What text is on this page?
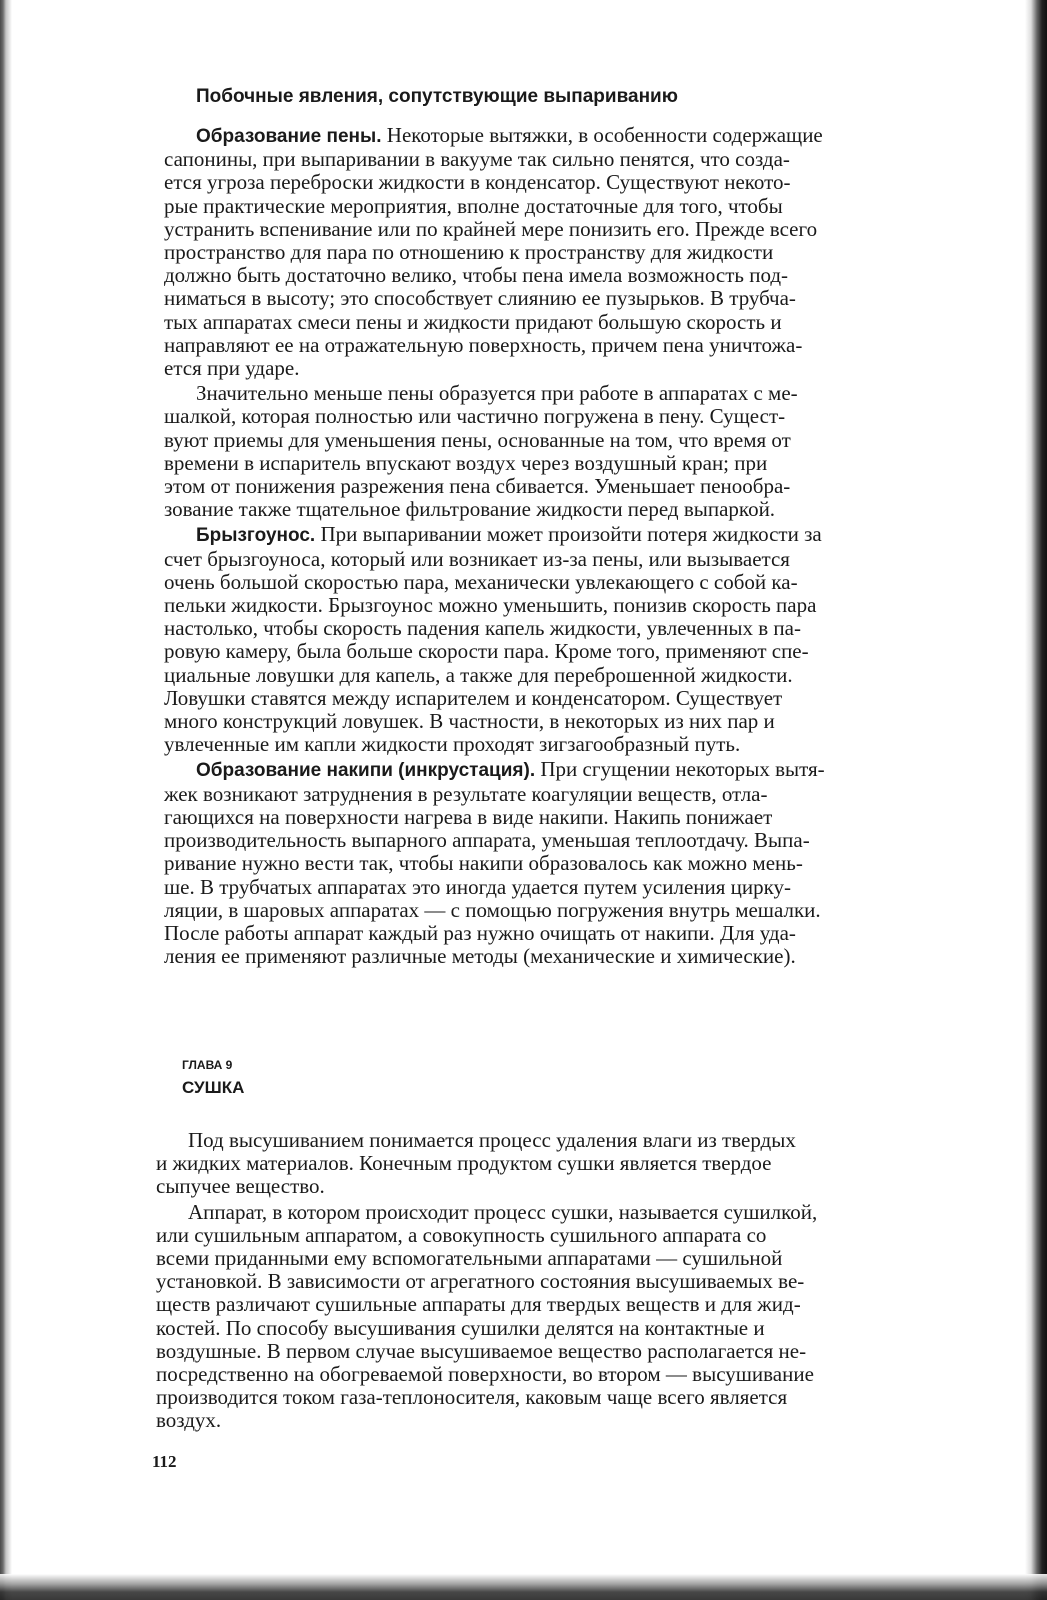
Побочные явления, сопутствующие выпариванию

Образование пены. Некоторые вытяжки, в особенности содержащие
сапонины, при выпаривании в вакууме так сильно пенятся, что созда-
ется угроза переброски жидкости в конденсатор. Существуют некото-
рые практические мероприятия, вполне достаточные для того, чтобы
устранить вспенивание или по крайней мере понизить его. Прежде всего
пространство для пара по отношению к пространству для жидкости
должно быть достаточно велико, чтобы пена имела возможность под-
ниматься в высоту; это способствует слиянию ее пузырьков. В трубча-
тых аппаратах смеси пены и жидкости придают большую скорость и
направляют ее на отражательную поверхность, причем пена уничтожа-
ется при ударе.

Значительно меньше пены образуется при работе в аппаратах с ме-
шалкой, которая полностью или частично погружена в пену. Сущест-
вуют приемы для уменьшения пены, основанные на том, что время от
времени в испаритель впускают воздух через воздушный кран; при
этом от понижения разрежения пена сбивается. Уменьшает пенообра-
зование также тщательное фильтрование жидкости перед выпаркой.

Брызгоунос. При выпаривании может произойти потеря жидкости за
счет брызгоуноса, который или возникает из-за пены, или вызывается
очень большой скоростью пара, механически увлекающего с собой ка-
пельки жидкости. Брызгоунос можно уменьшить, понизив скорость пара
настолько, чтобы скорость падения капель жидкости, увлеченных в па-
ровую камеру, была больше скорости пара. Кроме того, применяют спе-
циальные ловушки для капель, а также для переброшенной жидкости.
Ловушки ставятся между испарителем и конденсатором. Существует
много конструкций ловушек. В частности, в некоторых из них пар и
увлеченные им капли жидкости проходят зигзагообразный путь.

Образование накипи (инкрустация). При сгущении некоторых вытя-
жек возникают затруднения в результате коагуляции веществ, отла-
гающихся на поверхности нагрева в виде накипи. Накипь понижает
производительность выпарного аппарата, уменьшая теплоотдачу. Выпа-
ривание нужно вести так, чтобы накипи образовалось как можно мень-
ше. В трубчатых аппаратах это иногда удается путем усиления цирку-
ляции, в шаровых аппаратах — с помощью погружения внутрь мешалки.
После работы аппарат каждый раз нужно очищать от накипи. Для уда-
ления ее применяют различные методы (механические и химические).

ГЛАВА 9
СУШКА

Под высушиванием понимается процесс удаления влаги из твердых
и жидких материалов. Конечным продуктом сушки является твердое
сыпучее вещество.

Аппарат, в котором происходит процесс сушки, называется сушилкой,
или сушильным аппаратом, а совокупность сушильного аппарата со
всеми приданными ему вспомогательными аппаратами — сушильной
установкой. В зависимости от агрегатного состояния высушиваемых ве-
ществ различают сушильные аппараты для твердых веществ и для жид-
костей. По способу высушивания сушилки делятся на контактные и
воздушные. В первом случае высушиваемое вещество располагается не-
посредственно на обогреваемой поверхности, во втором — высушивание
производится током газа-теплоносителя, каковым чаще всего является
воздух.

112
